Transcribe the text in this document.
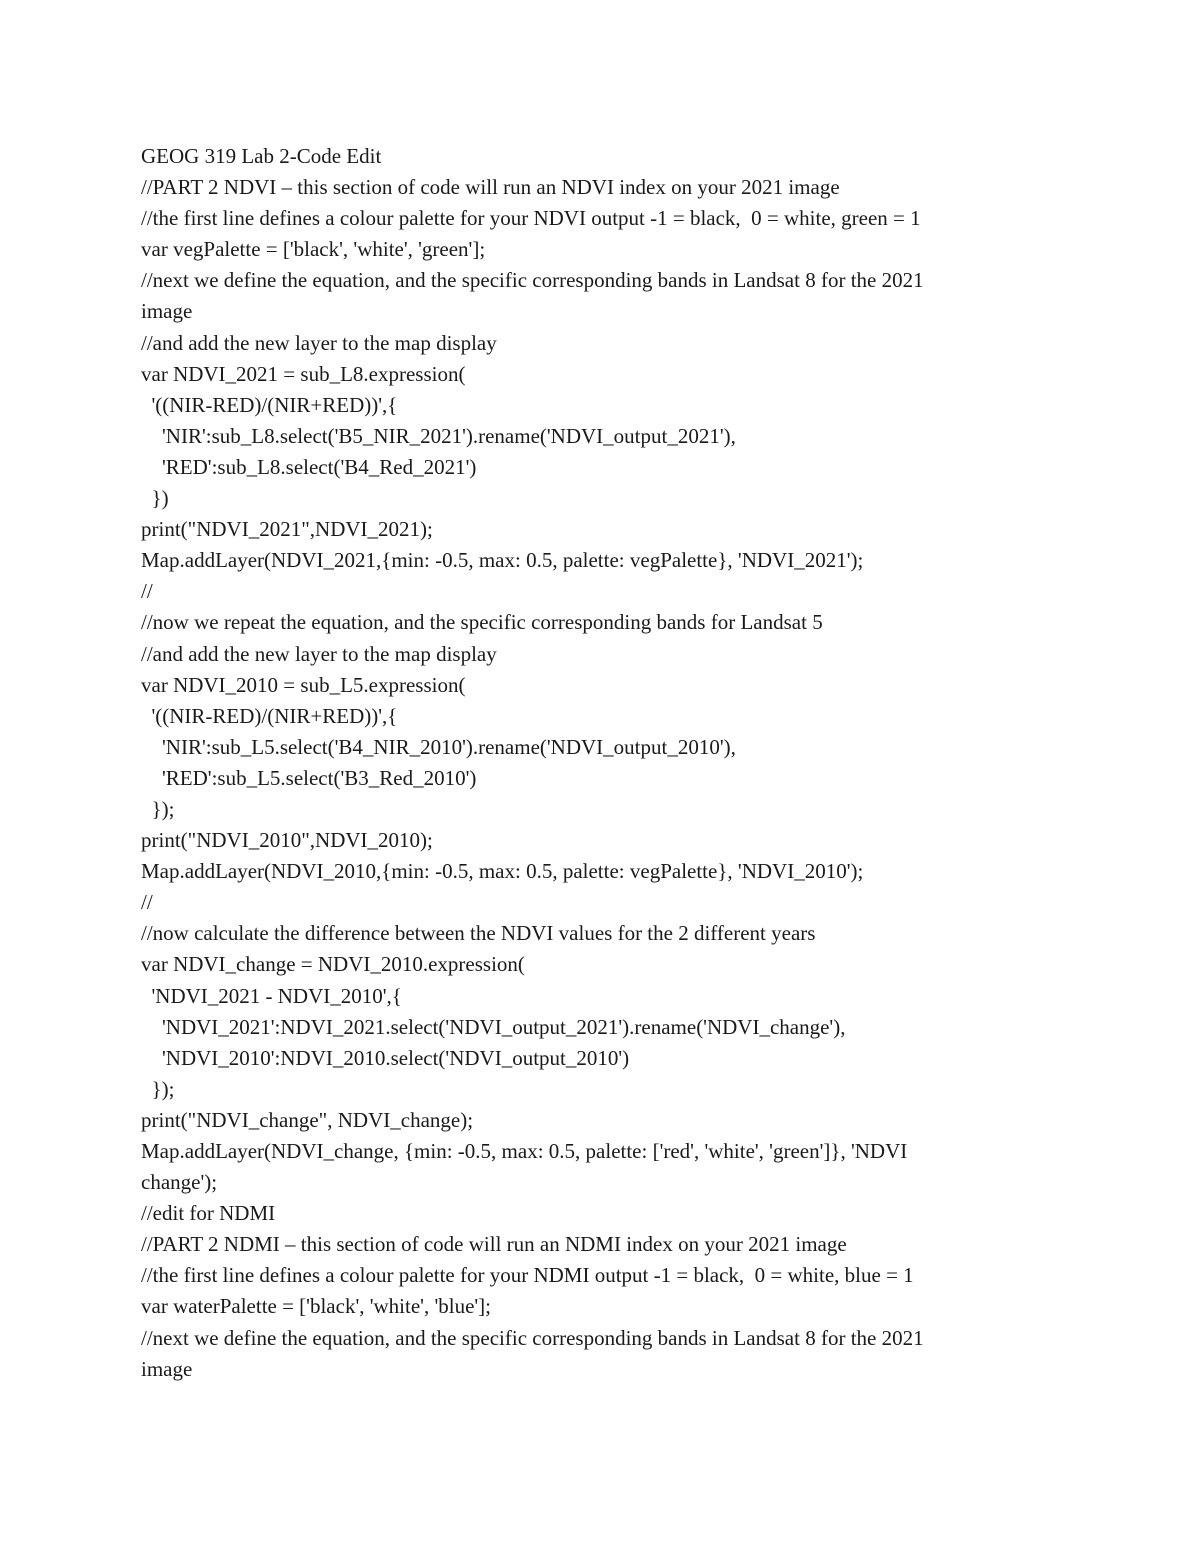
GEOG 319 Lab 2-Code Edit
//PART 2 NDVI – this section of code will run an NDVI index on your 2021 image
//the first line defines a colour palette for your NDVI output -1 = black,  0 = white, green = 1
var vegPalette = ['black', 'white', 'green'];
//next we define the equation, and the specific corresponding bands in Landsat 8 for the 2021
image
//and add the new layer to the map display
var NDVI_2021 = sub_L8.expression(
'((NIR-RED)/(NIR+RED))',{
'NIR':sub_L8.select('B5_NIR_2021').rename('NDVI_output_2021'),
'RED':sub_L8.select('B4_Red_2021')
})
print("NDVI_2021",NDVI_2021);
Map.addLayer(NDVI_2021,{min: -0.5, max: 0.5, palette: vegPalette}, 'NDVI_2021');
//
//now we repeat the equation, and the specific corresponding bands for Landsat 5
//and add the new layer to the map display
var NDVI_2010 = sub_L5.expression(
'((NIR-RED)/(NIR+RED))',{
'NIR':sub_L5.select('B4_NIR_2010').rename('NDVI_output_2010'),
'RED':sub_L5.select('B3_Red_2010')
});
print("NDVI_2010",NDVI_2010);
Map.addLayer(NDVI_2010,{min: -0.5, max: 0.5, palette: vegPalette}, 'NDVI_2010');
//
//now calculate the difference between the NDVI values for the 2 different years
var NDVI_change = NDVI_2010.expression(
'NDVI_2021 - NDVI_2010',{
'NDVI_2021':NDVI_2021.select('NDVI_output_2021').rename('NDVI_change'),
'NDVI_2010':NDVI_2010.select('NDVI_output_2010')
});
print("NDVI_change", NDVI_change);
Map.addLayer(NDVI_change, {min: -0.5, max: 0.5, palette: ['red', 'white', 'green']}, 'NDVI
change');
//edit for NDMI
//PART 2 NDMI – this section of code will run an NDMI index on your 2021 image
//the first line defines a colour palette for your NDMI output -1 = black,  0 = white, blue = 1
var waterPalette = ['black', 'white', 'blue'];
//next we define the equation, and the specific corresponding bands in Landsat 8 for the 2021
image
